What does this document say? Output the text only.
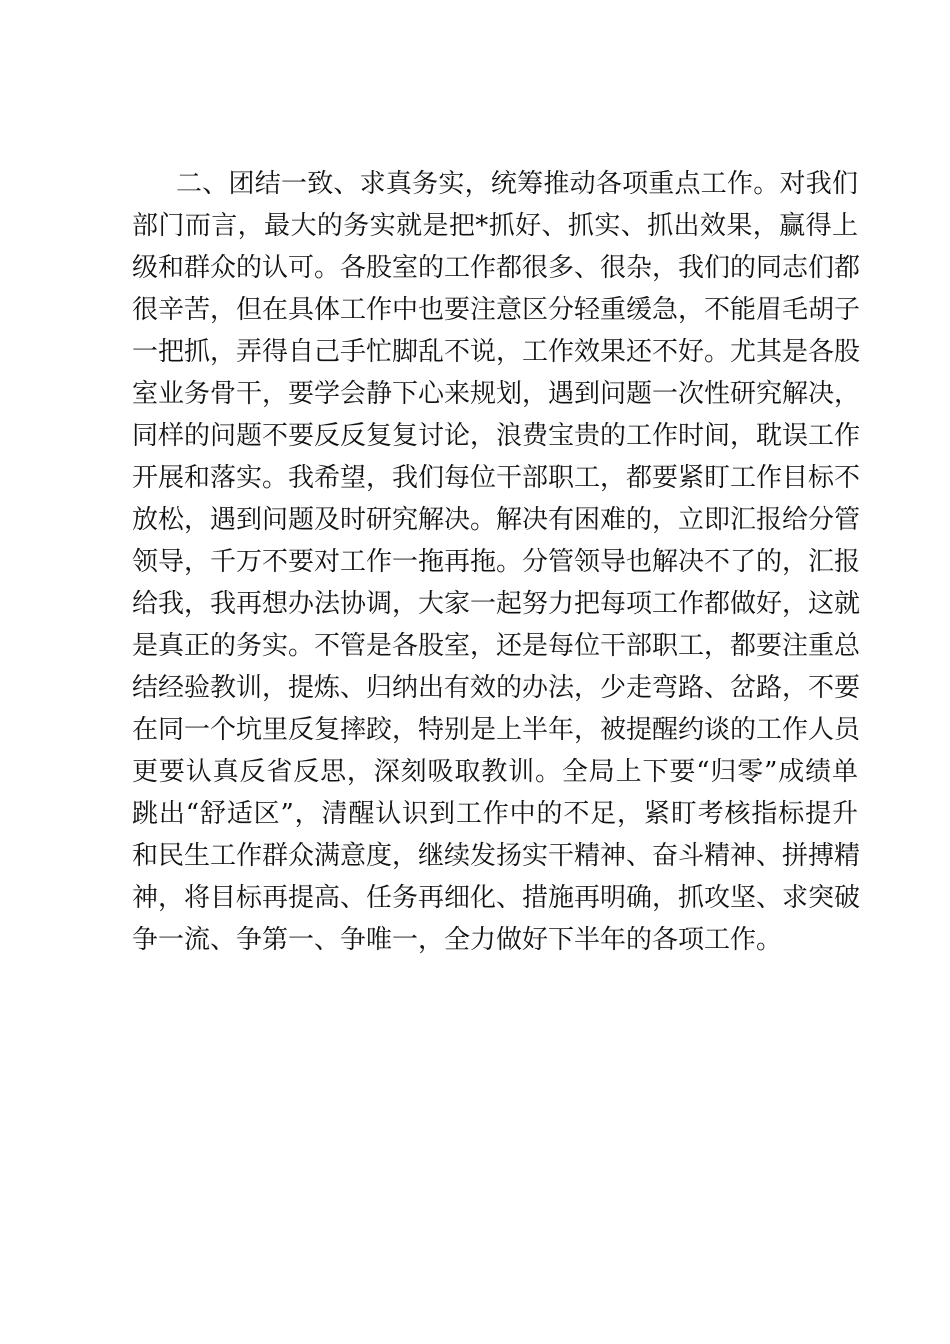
二、团结一致、求真务实，统筹推动各项重点工作。对我们
部门而言，最大的务实就是把*抓好、抓实、抓出效果，赢得上
级和群众的认可。各股室的工作都很多、很杂，我们的同志们都
很辛苦，但在具体工作中也要注意区分轻重缓急，不能眉毛胡子
一把抓，弄得自己手忙脚乱不说，工作效果还不好。尤其是各股
室业务骨干，要学会静下心来规划，遇到问题一次性研究解决，
同样的问题不要反反复复讨论，浪费宝贵的工作时间，耽误工作
开展和落实。我希望，我们每位干部职工，都要紧盯工作目标不
放松，遇到问题及时研究解决。解决有困难的，立即汇报给分管
领导，千万不要对工作一拖再拖。分管领导也解决不了的，汇报
给我，我再想办法协调，大家一起努力把每项工作都做好，这就
是真正的务实。不管是各股室，还是每位干部职工，都要注重总
结经验教训，提炼、归纳出有效的办法，少走弯路、岔路，不要
在同一个坑里反复摔跤，特别是上半年，被提醒约谈的工作人员
更要认真反省反思，深刻吸取教训。全局上下要“归零”成绩单
跳出“舒适区”，清醒认识到工作中的不足，紧盯考核指标提升
和民生工作群众满意度，继续发扬实干精神、奋斗精神、拼搏精
神，将目标再提高、任务再细化、措施再明确，抓攻坚、求突破
争一流、争第一、争唯一，全力做好下半年的各项工作。
